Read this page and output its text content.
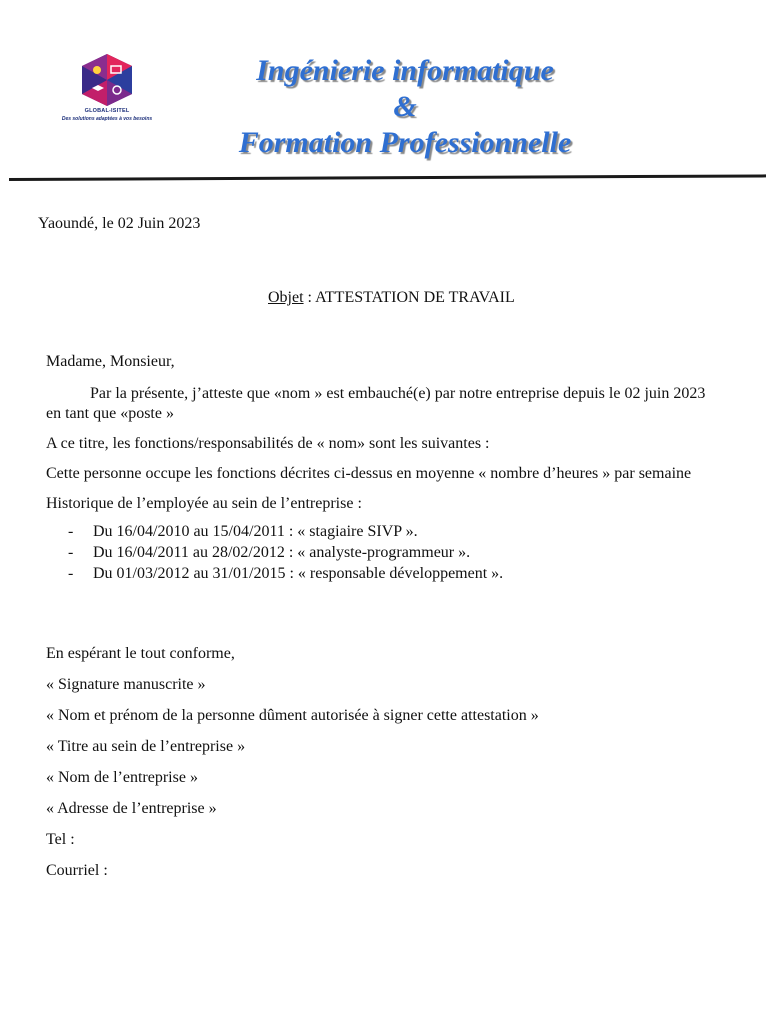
GLOBAL-ISITEL
Des solutions adaptées à vos besoins
Ingénierie informatique
&
Formation Professionnelle
Yaoundé, le 02 Juin 2023
Objet : ATTESTATION DE TRAVAIL

Madame, Monsieur,

Par la présente, j’atteste que «nom » est embauché(e) par notre entreprise depuis le 02 juin 2023 en tant que «poste »

A ce titre, les fonctions/responsabilités de « nom» sont les suivantes :

Cette personne occupe les fonctions décrites ci-dessus en moyenne « nombre d’heures » par semaine

Historique de l’employée au sein de l’entreprise :

-	Du 16/04/2010 au 15/04/2011 : « stagiaire SIVP ».
-	Du 16/04/2011 au 28/02/2012 : « analyste-programmeur ».
-	Du 01/03/2012 au 31/01/2015 : « responsable développement ».
En espérant le tout conforme,
« Signature manuscrite »
« Nom et prénom de la personne dûment autorisée à signer cette attestation »
« Titre au sein de l’entreprise »
« Nom de l’entreprise »
« Adresse de l’entreprise »
Tel :
Courriel :
